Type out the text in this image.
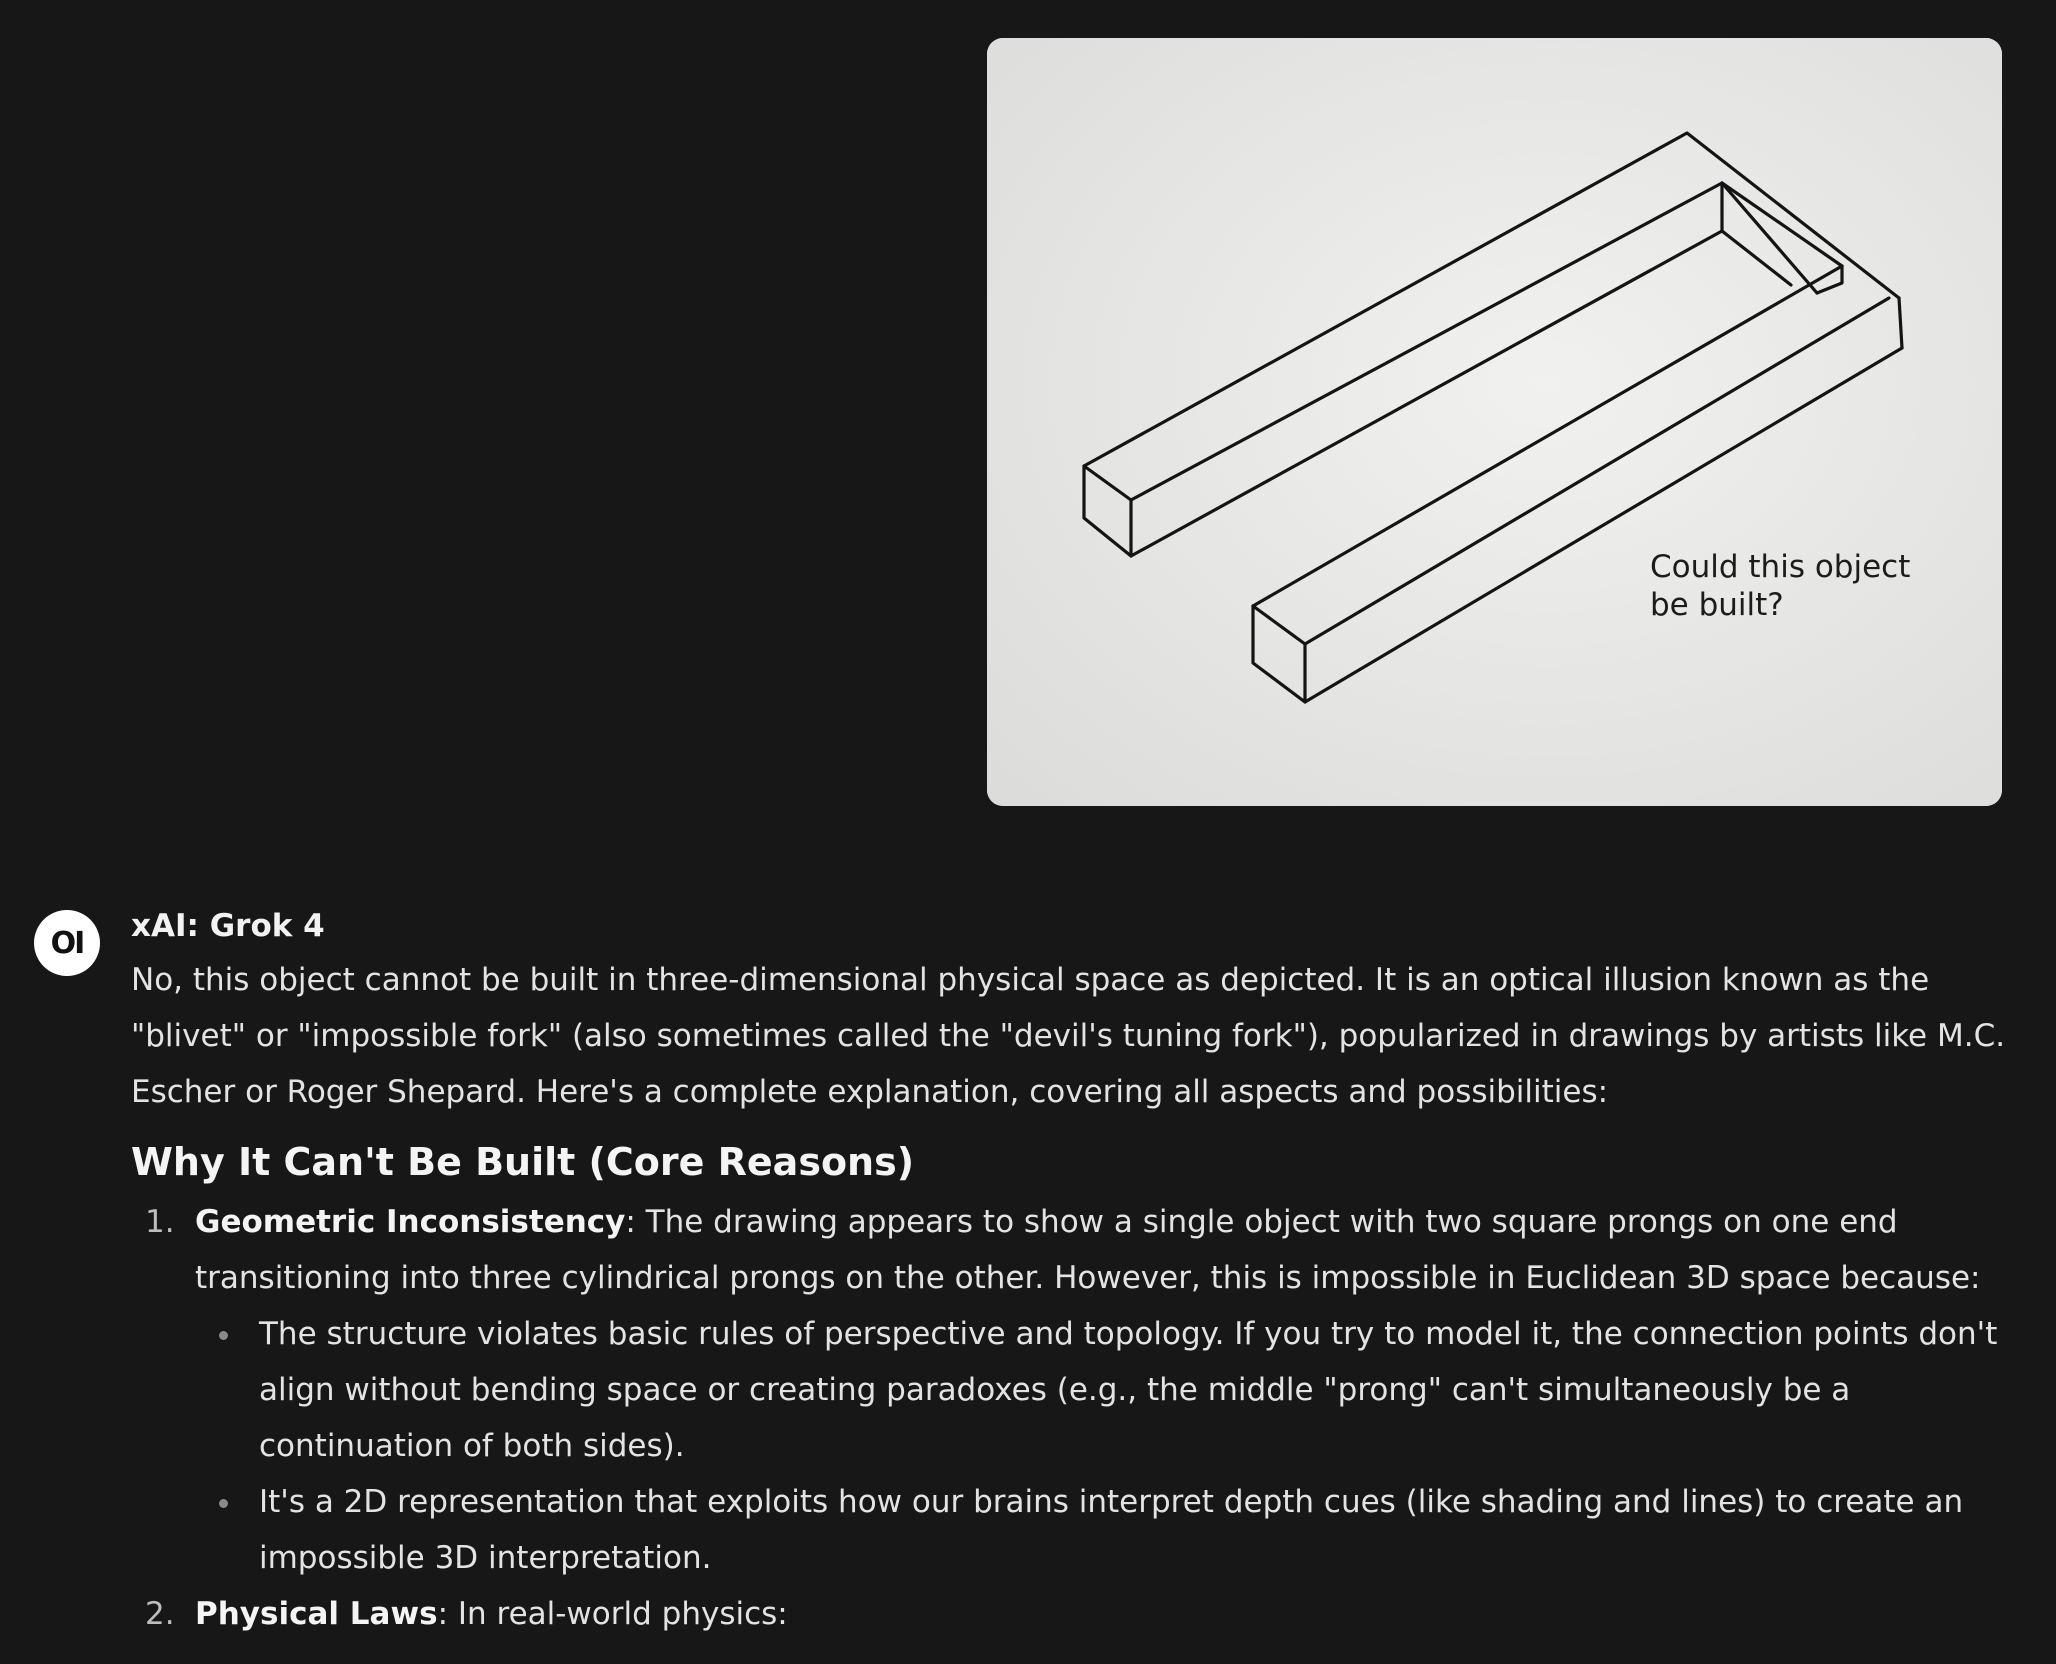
Could this object
be built?
OI xAI: Grok 4

No, this object cannot be built in three-dimensional physical space as depicted. It is an optical illusion known as the "blivet" or "impossible fork" (also sometimes called the "devil's tuning fork"), popularized in drawings by artists like M.C. Escher or Roger Shepard. Here's a complete explanation, covering all aspects and possibilities:

Why It Can't Be Built (Core Reasons)
1. Geometric Inconsistency: The drawing appears to show a single object with two square prongs on one end transitioning into three cylindrical prongs on the other. However, this is impossible in Euclidean 3D space because:
The structure violates basic rules of perspective and topology. If you try to model it, the connection points don't align without bending space or creating paradoxes (e.g., the middle "prong" can't simultaneously be a continuation of both sides).
It's a 2D representation that exploits how our brains interpret depth cues (like shading and lines) to create an impossible 3D interpretation.
2. Physical Laws: In real-world physics:
